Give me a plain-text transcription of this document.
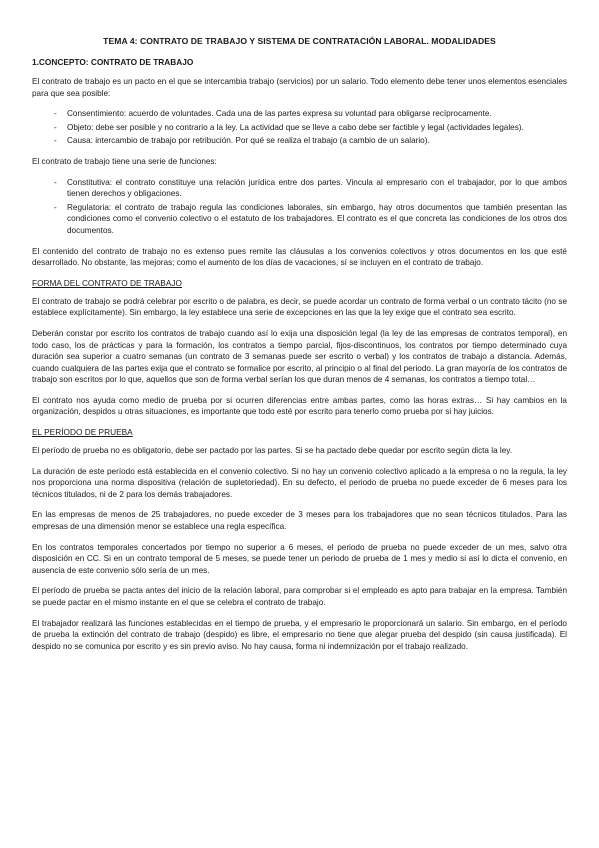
TEMA 4: CONTRATO DE TRABAJO Y SISTEMA DE CONTRATACIÓN LABORAL. MODALIDADES
1.CONCEPTO: CONTRATO DE TRABAJO

El contrato de trabajo es un pacto en el que se intercambia trabajo (servicios) por un salario. Todo elemento debe tener unos elementos esenciales para que sea posible:

- Consentimiento: acuerdo de voluntades. Cada una de las partes expresa su voluntad para obligarse recíprocamente.
- Objeto: debe ser posible y no contrario a la ley. La actividad que se lleve a cabo debe ser factible y legal (actividades legales).
- Causa: intercambio de trabajo por retribución. Por qué se realiza el trabajo (a cambio de un salario).

El contrato de trabajo tiene una serie de funciones:

- Constitutiva: el contrato constituye una relación jurídica entre dos partes. Vincula al empresario con el trabajador, por lo que ambos tienen derechos y obligaciones.
- Regulatoria: el contrato de trabajo regula las condiciones laborales, sin embargo, hay otros documentos que también presentan las condiciones como el convenio colectivo o el estatuto de los trabajadores. El contrato es el que concreta las condiciones de los otros dos documentos.

El contenido del contrato de trabajo no es extenso pues remite las cláusulas a los convenios colectivos y otros documentos en los que esté desarrollado. No obstante, las mejoras; como el aumento de los días de vacaciones, sí se incluyen en el contrato de trabajo.

FORMA DEL CONTRATO DE TRABAJO

El contrato de trabajo se podrá celebrar por escrito o de palabra, es decir, se puede acordar un contrato de forma verbal o un contrato tácito (no se establece explícitamente). Sin embargo, la ley establece una serie de excepciones en las que la ley exige que el contrato sea escrito.

Deberán constar por escrito los contratos de trabajo cuando así lo exija una disposición legal (la ley de las empresas de contratos temporal), en todo caso, los de prácticas y para la formación, los contratos a tiempo parcial, fijos-discontinuos, los contratos por tiempo determinado cuya duración sea superior a cuatro semanas (un contrato de 3 semanas puede ser escrito o verbal) y los contratos de trabajo a distancia. Además, cuando cualquiera de las partes exija que el contrato se formalice por escrito, al principio o al final del periodo. La gran mayoría de los contratos de trabajo son escritos por lo que, aquellos que son de forma verbal serían los que duran menos de 4 semanas, los contratos a tiempo total…

El contrato nos ayuda como medio de prueba por si ocurren diferencias entre ambas partes, como las horas extras… Si hay cambios en la organización, despidos u otras situaciones, es importante que todo esté por escrito para tenerlo como prueba por si hay juicios.

EL PERÍODO DE PRUEBA

El período de prueba no es obligatorio, debe ser pactado por las partes. Si se ha pactado debe quedar por escrito según dicta la ley.

La duración de este período está establecida en el convenio colectivo. Si no hay un convenio colectivo aplicado a la empresa o no la regula, la ley nos proporciona una norma dispositiva (relación de supletoriedad). En su defecto, el periodo de prueba no puede exceder de 6 meses para los técnicos titulados, ni de 2 para los demás trabajadores.

En las empresas de menos de 25 trabajadores, no puede exceder de 3 meses para los trabajadores que no sean técnicos titulados. Para las empresas de una dimensión menor se establece una regla específica.

En los contratos temporales concertados por tiempo no superior a 6 meses, el periodo de prueba no puede exceder de un mes, salvo otra disposición en CC. Si en un contrato temporal de 5 meses, se puede tener un periodo de prueba de 1 mes y medio si así lo dicta el convenio, en ausencia de este convenio sólo sería de un mes.

El período de prueba se pacta antes del inicio de la relación laboral, para comprobar si el empleado es apto para trabajar en la empresa. También se puede pactar en el mismo instante en el que se celebra el contrato de trabajo.

El trabajador realizará las funciones establecidas en el tiempo de prueba, y el empresario le proporcionará un salario. Sin embargo, en el período de prueba la extinción del contrato de trabajo (despido) es libre, el empresario no tiene que alegar prueba del despido (sin causa justificada). El despido no se comunica por escrito y es sin previo aviso. No hay causa, forma ni indemnización por el trabajo realizado.
